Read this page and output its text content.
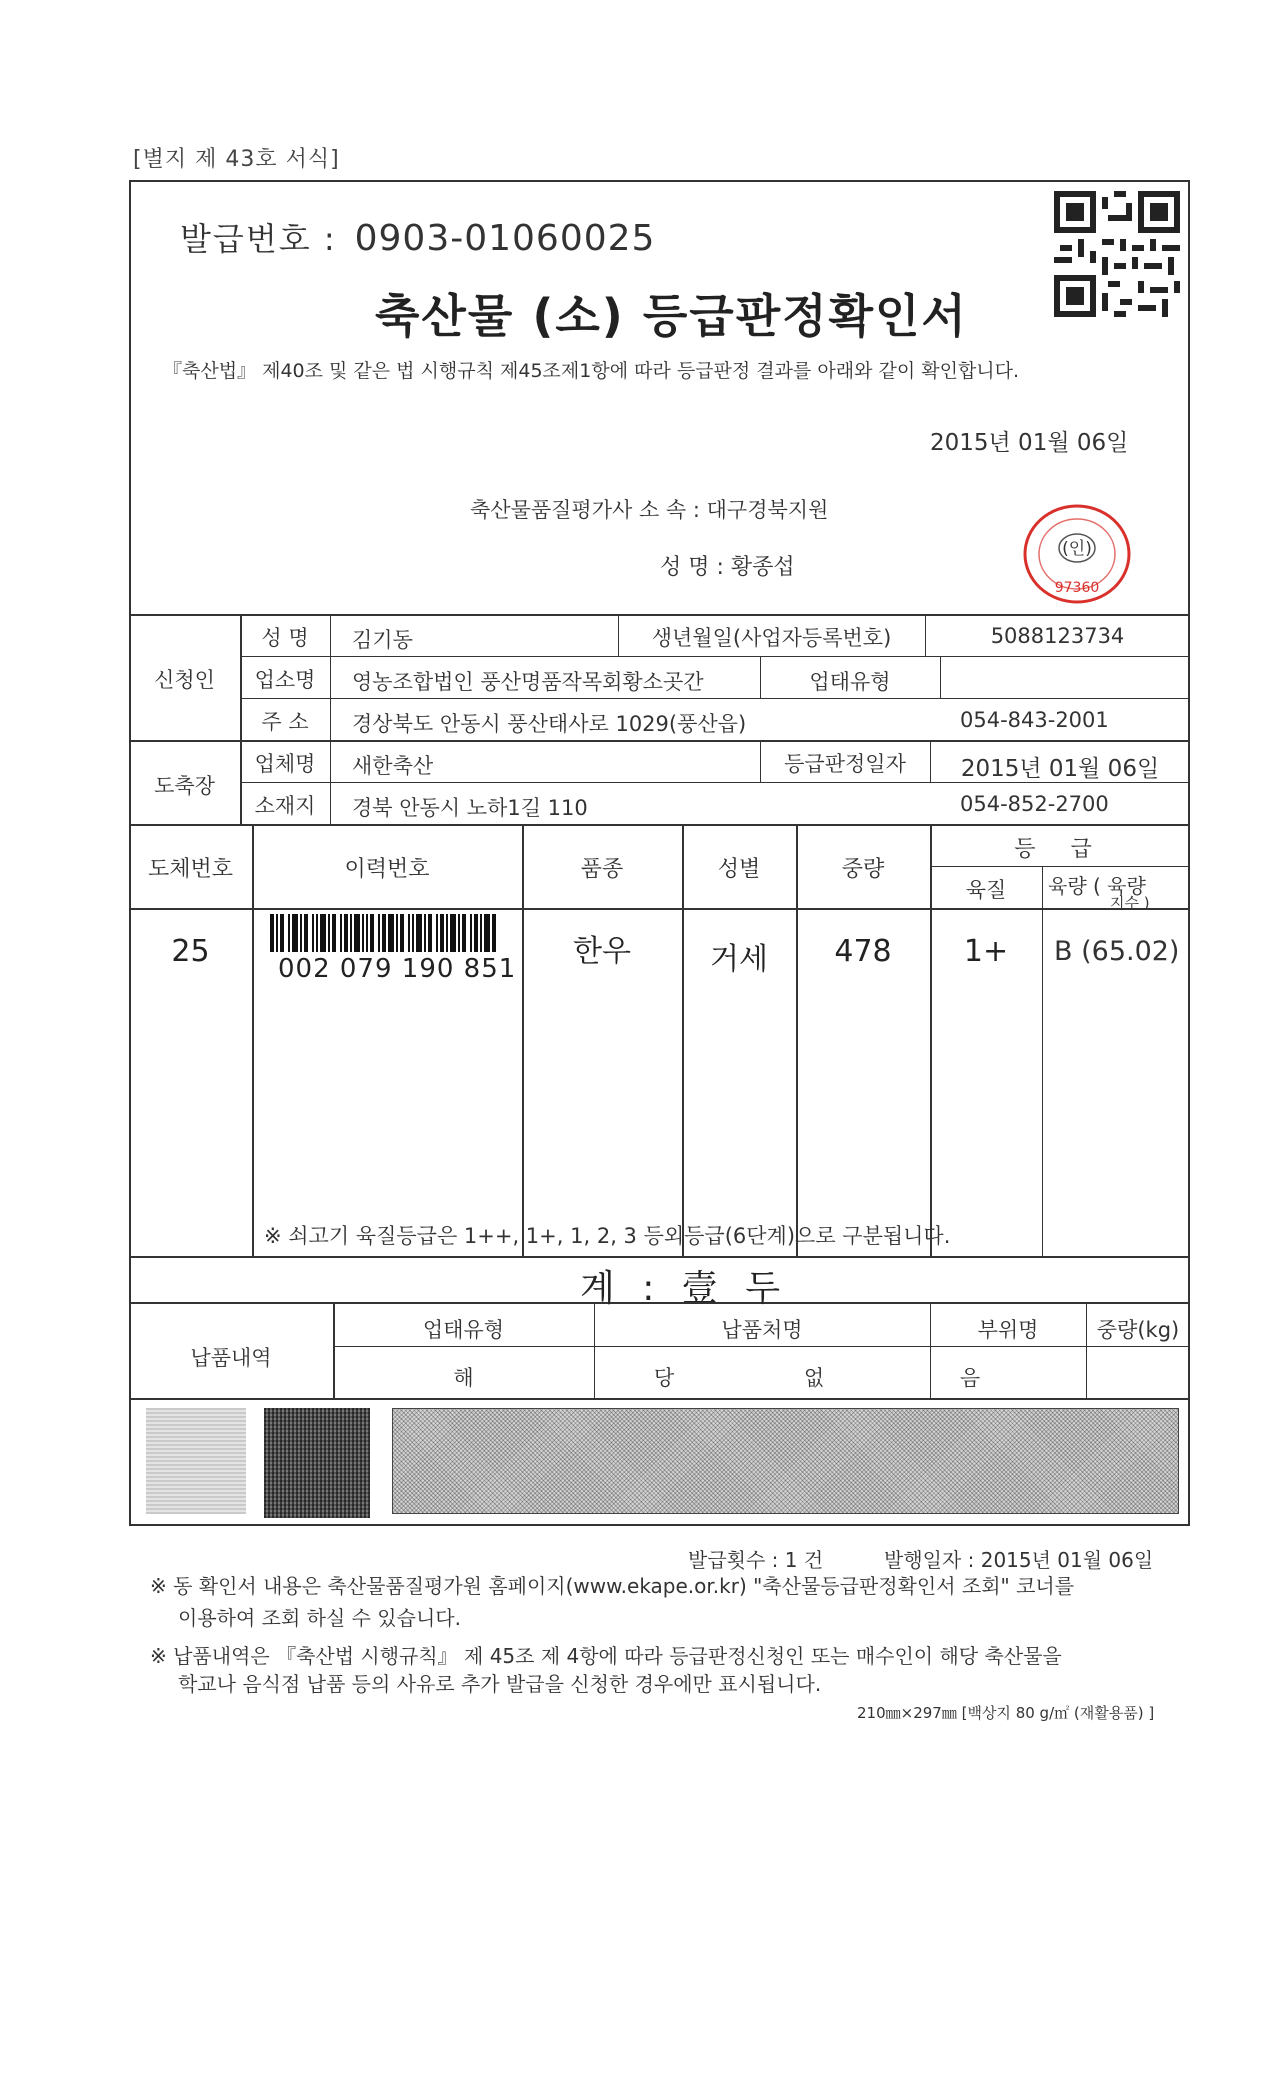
[별지 제 43호 서식]
발급번호 : 0903-01060025
축산물 (소) 등급판정확인서
『축산법』 제40조 및 같은 법 시행규칙 제45조제1항에 따라 등급판정 결과를 아래와 같이 확인합니다.
2015년 01월 06일
축산물품질평가사 소 속 : 대구경북지원
성 명 : 황종섭
(인)
97360
신청인
성 명	김기동	생년월일(사업자등록번호)	5088123734
업소명	영농조합법인 풍산명품작목회황소곳간	업태유형
주 소	경상북도 안동시 풍산태사로 1029(풍산읍)	054-843-2001
도축장
업체명	새한축산	등급판정일자	2015년 01월 06일
소재지	경북 안동시 노하1길 110	054-852-2700
도체번호	이력번호	품종	성별	중량
등 급
육질	육량 ( 육량
지수 )
25	002 079 190 851	한우	거세	478	1+	B (65.02)
※ 쇠고기 육질등급은 1++, 1+, 1, 2, 3 등외등급(6단계)으로 구분됩니다.
계 : 壹 두
납품내역
업태유형	납품처명	부위명	중량(kg)
해	당	없	음
발급횟수 : 1 건	발행일자 : 2015년 01월 06일
※ 동 확인서 내용은 축산물품질평가원 홈페이지(www.ekape.or.kr) "축산물등급판정확인서 조회" 코너를
이용하여 조회 하실 수 있습니다.
※ 납품내역은 『축산법 시행규칙』 제 45조 제 4항에 따라 등급판정신청인 또는 매수인이 해당 축산물을
학교나 음식점 납품 등의 사유로 추가 발급을 신청한 경우에만 표시됩니다.
210㎜×297㎜ [백상지 80 g/㎡ (재활용품) ]
